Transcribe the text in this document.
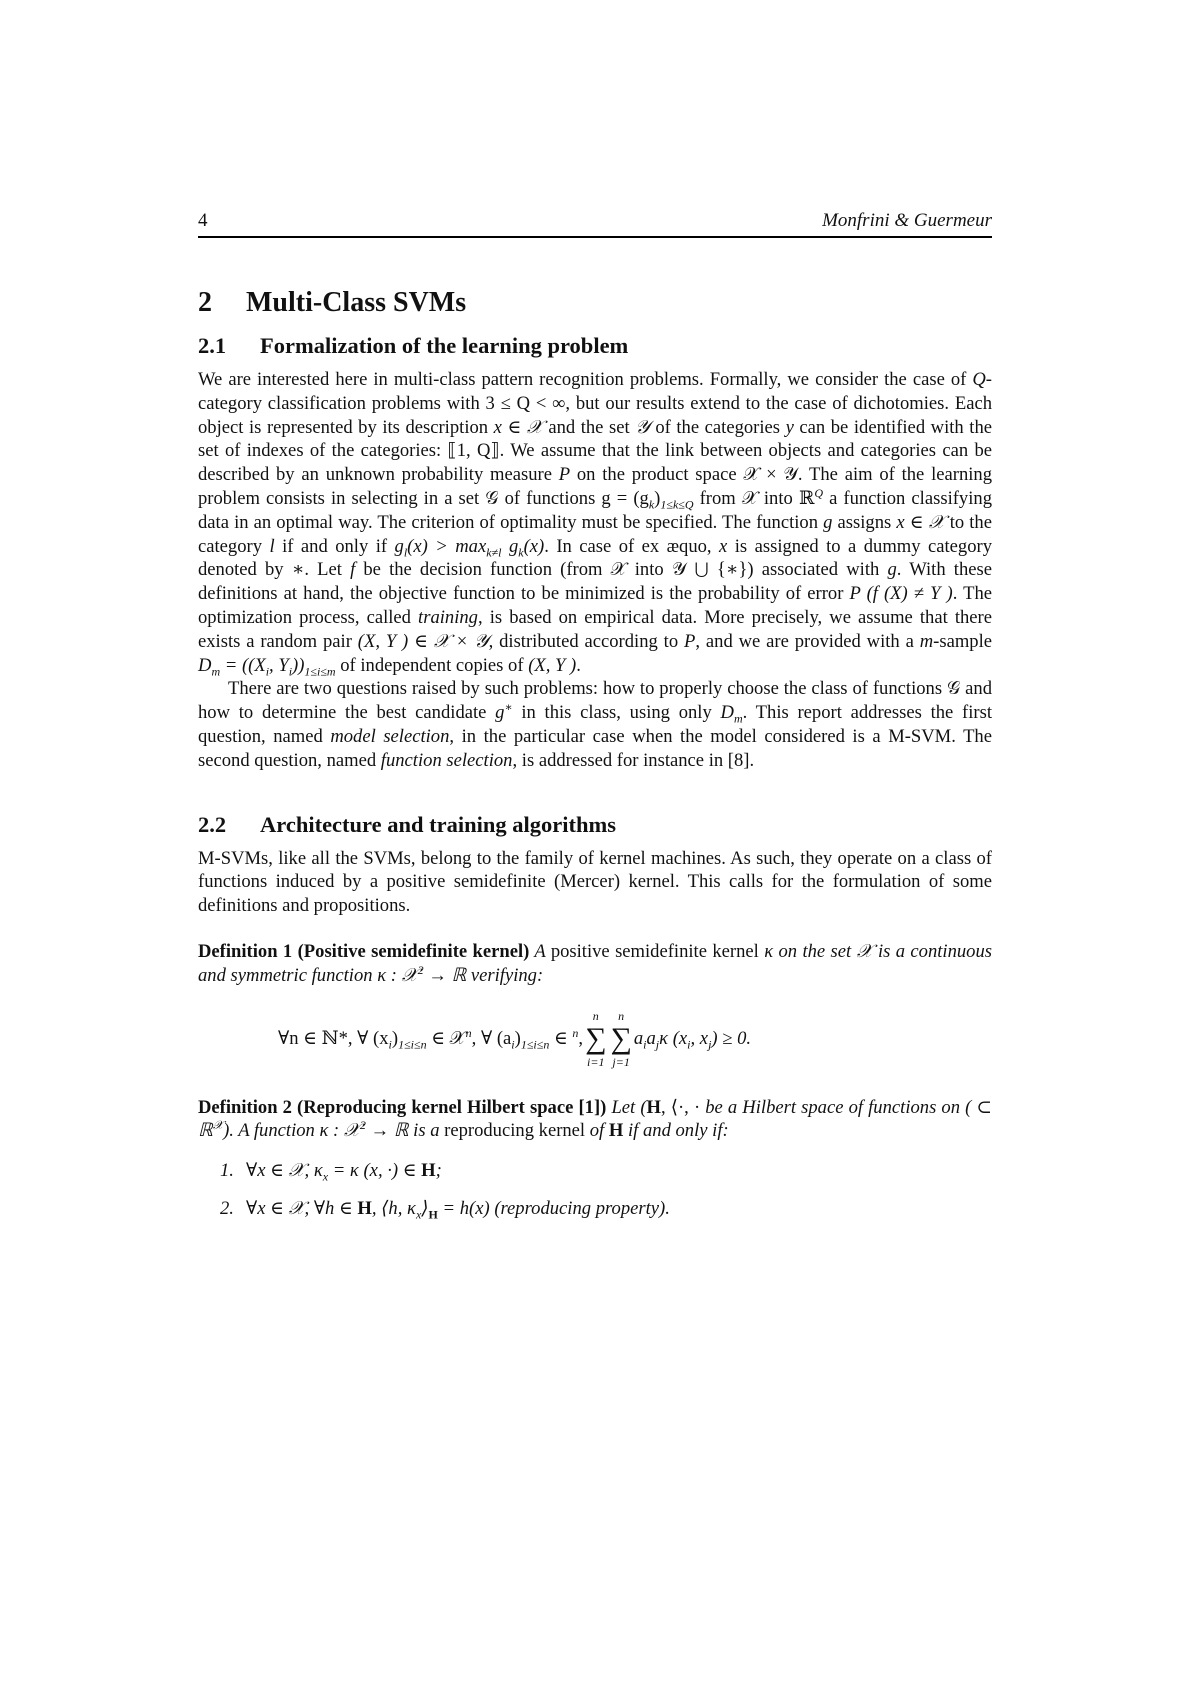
4	Monfrini & Guermeur
2 Multi-Class SVMs
2.1 Formalization of the learning problem

We are interested here in multi-class pattern recognition problems. Formally, we consider the case of Q-category classification problems with 3 ≤ Q < ∞, but our results extend to the case of dichotomies. Each object is represented by its description x ∈ 𝒳 and the set 𝒴 of the categories y can be identified with the set of indexes of the categories: ⟦1, Q⟧. We assume that the link between objects and categories can be described by an unknown probability measure P on the product space 𝒳 × 𝒴. The aim of the learning problem consists in selecting in a set 𝒢 of functions $g = (g_k)_{1\le k\le Q}$ from 𝒳 into ℝ$^Q$ a function classifying data in an optimal way. The criterion of optimality must be specified. The function g assigns x ∈ 𝒳 to the category l if and only if $g_l(x) > \max_{k\ne l} g_k(x)$. In case of ex æquo, x is assigned to a dummy category denoted by ∗. Let f be the decision function (from 𝒳 into 𝒴 ⋃ {∗}) associated with g. With these definitions at hand, the objective function to be minimized is the probability of error P (f (X) ≠ Y ). The optimization process, called training, is based on empirical data. More precisely, we assume that there exists a random pair (X, Y ) ∈ 𝒳 × 𝒴, distributed according to P, and we are provided with a m-sample $D_m = ((X_i$, $Y_i))_{1\le i\le m}$ of independent copies of (X, Y ).

There are two questions raised by such problems: how to properly choose the class of functions 𝒢 and how to determine the best candidate g∗ in this class, using only $D_m$. This report addresses the first question, named model selection, in the particular case when the model considered is a M-SVM. The second question, named function selection, is addressed for instance in [8].

2.2 Architecture and training algorithms

M-SVMs, like all the SVMs, belong to the family of kernel machines. As such, they operate on a class of functions induced by a positive semidefinite (Mercer) kernel. This calls for the formulation of some definitions and propositions.

Definition 1 (Positive semidefinite kernel) A positive semidefinite kernel κ on the set 𝒳 is a continuous and symmetric function κ : 𝒳$^2$ → ℝ verifying:

∀n ∈ ℕ*, ∀ $(x_i)_{1\le i\le n}$ ∈ 𝒳$^n$, ∀ $(a_i)_{1\le i\le n}$ ∈ $^n$,
n
∑
i=1
n
∑
j=1
$a_ia_j\kappa$ ($x_i$, $x_j) \ge 0$.

Definition 2 (Reproducing kernel Hilbert space [1]) Let (H, ⟨·, · be a Hilbert space of functions on ( ⊂ ℝ$^𝒳$). A function κ : 𝒳$^2$ → ℝ is a reproducing kernel of H if and only if:

1. ∀x ∈ 𝒳, $\kappa_x = \kappa$ (x, ·) ∈ H;
2. ∀x ∈ 𝒳, ∀h ∈ H, ⟨h, $\kappa_x⟩_H = h(x)$ (reproducing property).
